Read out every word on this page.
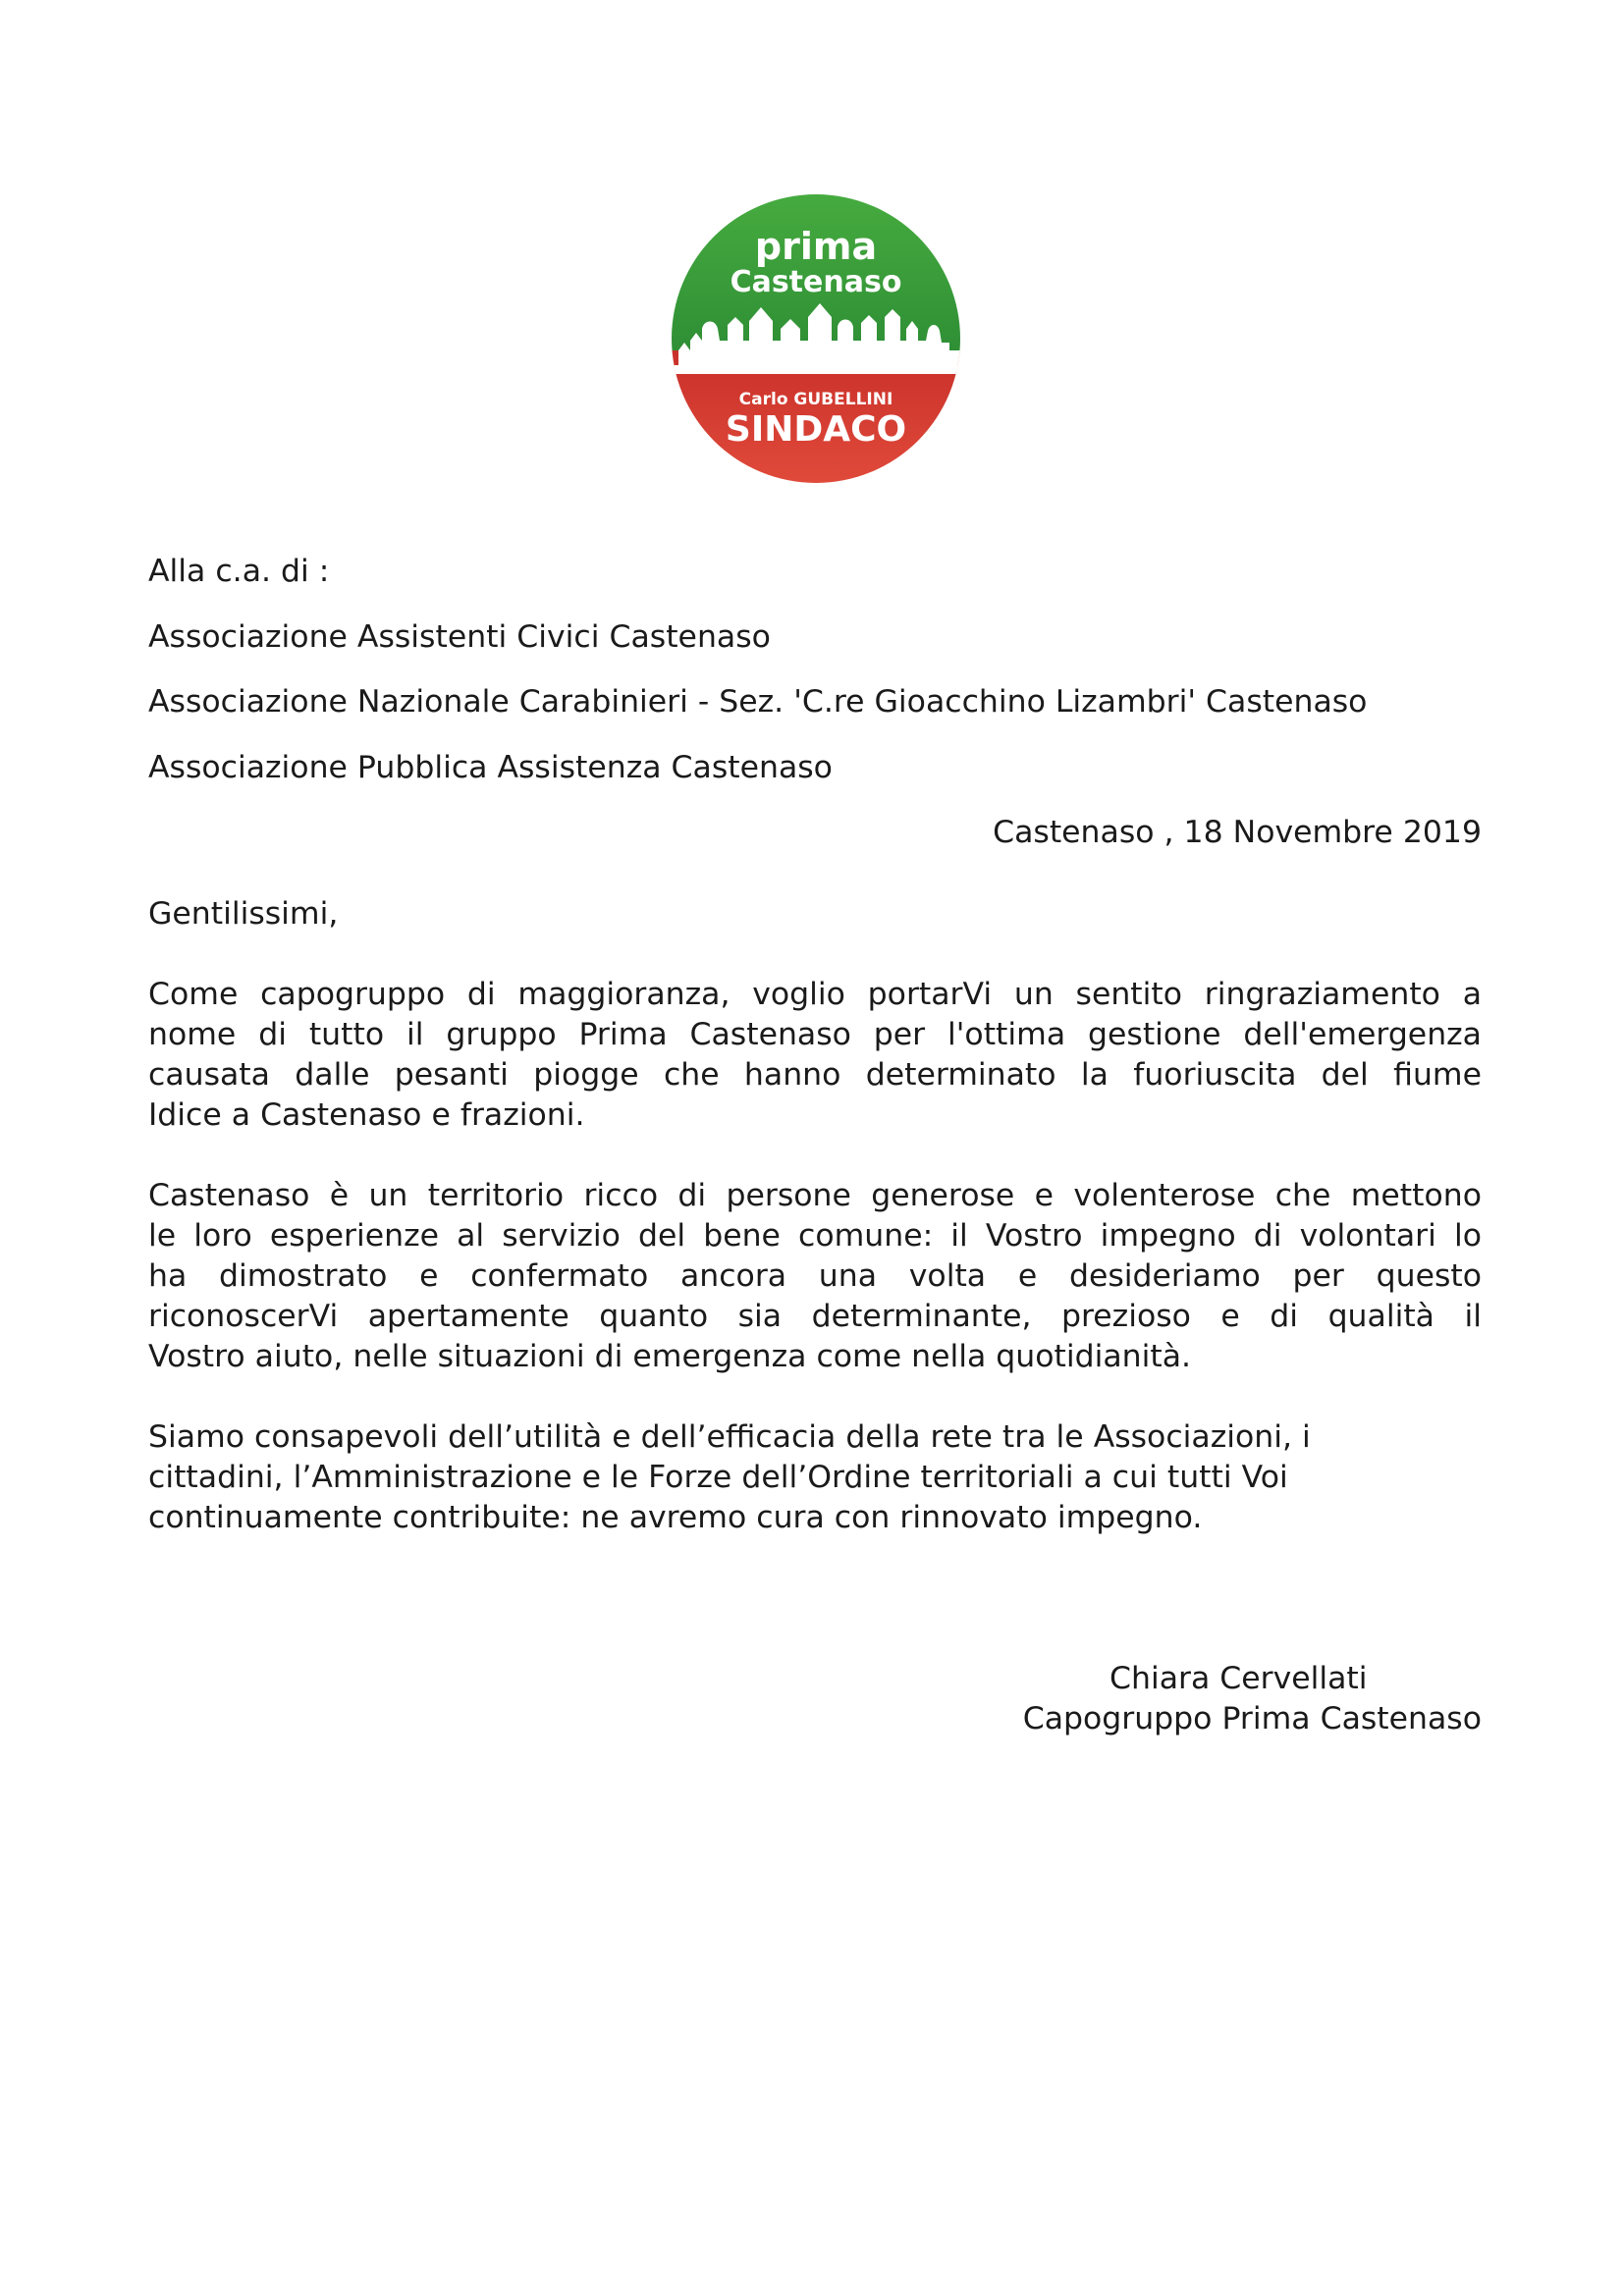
prima
Castenaso
Carlo GUBELLINI
SINDACO

Alla c.a. di :

Associazione Assistenti Civici Castenaso

Associazione Nazionale Carabinieri - Sez. 'C.re Gioacchino Lizambri' Castenaso

Associazione Pubblica Assistenza Castenaso

Castenaso , 18 Novembre 2019

Gentilissimi,

Come capogruppo di maggioranza, voglio portarVi un sentito ringraziamento a
nome di tutto il gruppo Prima Castenaso per l'ottima gestione dell'emergenza
causata dalle pesanti piogge che hanno determinato la fuoriuscita del fiume
Idice a Castenaso e frazioni.
Castenaso è un territorio ricco di persone generose e volenterose che mettono
le loro esperienze al servizio del bene comune: il Vostro impegno di volontari lo
ha dimostrato e confermato ancora una volta e desideriamo per questo
riconoscerVi apertamente quanto sia determinante, prezioso e di qualità il
Vostro aiuto, nelle situazioni di emergenza come nella quotidianità.
Siamo consapevoli dell’utilità e dell’efficacia della rete tra le Associazioni, i
cittadini, l’Amministrazione e le Forze dell’Ordine territoriali a cui tutti Voi
continuamente contribuite: ne avremo cura con rinnovato impegno.

Chiara Cervellati

Capogruppo Prima Castenaso
